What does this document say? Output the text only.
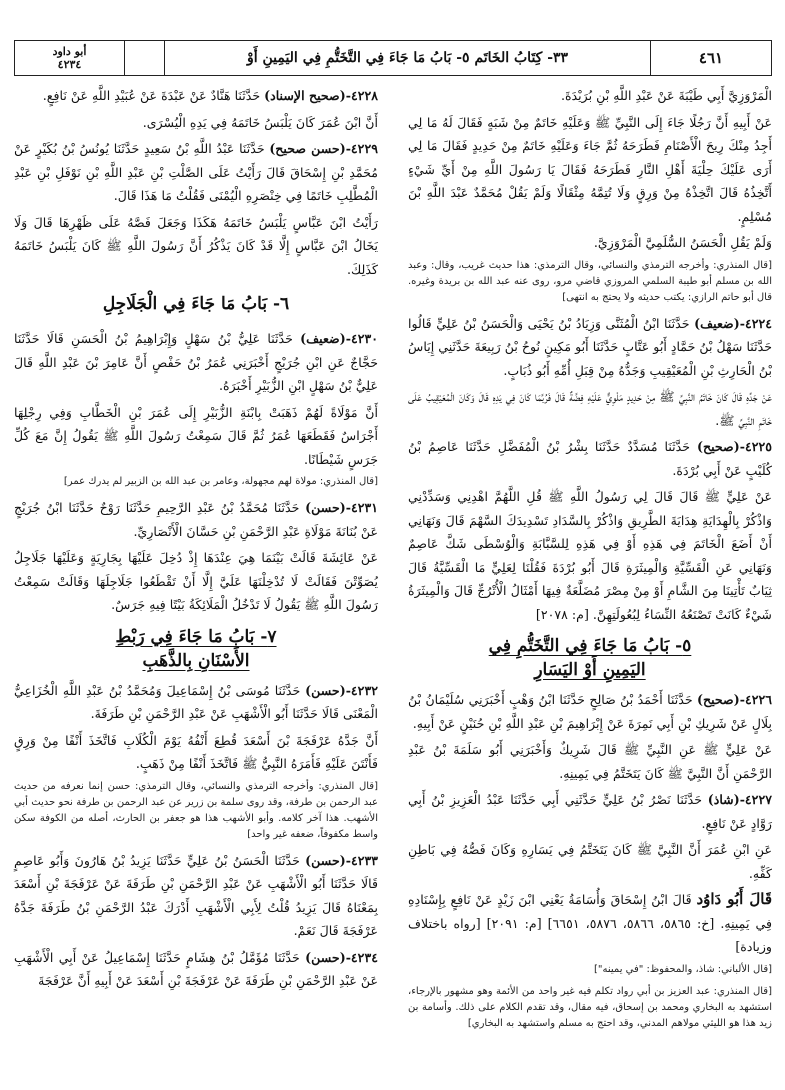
أبو داود
٤٢٣٤	٣٣- كِتَابُ الخَاتَم ٥- بَابُ مَا جَاءَ فِي التَّخَتُّمِ فِي اليَمِينِ أَوْ	٤٦١

الْمَرْوَزِيَّ أَبِي طَيْبَةَ عَنْ عَبْدِ اللَّهِ بْنِ بُرَيْدَةَ.

عَنْ أَبِيهِ أَنَّ رَجُلًا جَاءَ إِلَى النَّبِيِّ ﷺ وَعَلَيْهِ خَاتَمٌ مِنْ شَبَهٍ فَقَالَ لَهُ مَا لِي أَجِدُ مِنْكَ رِيحَ الْأَصْنَامِ فَطَرَحَهُ ثُمَّ جَاءَ وَعَلَيْهِ خَاتَمٌ مِنْ حَدِيدٍ فَقَالَ مَا لِي أَرَى عَلَيْكَ حِلْيَةَ أَهْلِ النَّارِ فَطَرَحَهُ فَقَالَ يَا رَسُولَ اللَّهِ مِنْ أَيِّ شَيْءٍ أَتَّخِذُهُ قَالَ اتَّخِذْهُ مِنْ وَرِقٍ وَلَا تُتِمَّهُ مِثْقَالًا وَلَمْ يَقُلْ مُحَمَّدٌ عَبْدَ اللَّهِ بْنَ مُسْلِمٍ.

وَلَمْ يَقُلِ الْحَسَنُ السُّلَمِيَّ الْمَرْوَزِيَّ.

[قال المنذري: وأخرجه الترمذي والنسائي، وقال الترمذي: هذا حديث غريب، وقال: وعبد الله بن مسلم أبو طيبة السلمي المروزي قاضي مرو، روى عنه عبد الله بن بريدة وغيره. قال أبو حاتم الرازي: يكتب حديثه ولا يحتج به انتهى]

٤٢٢٤-(ضعيف) حَدَّثَنَا ابْنُ الْمُثَنَّى وَزِيَادُ بْنُ يَحْيَى وَالْحَسَنُ بْنُ عَلِيٍّ قَالُوا حَدَّثَنَا سَهْلُ بْنُ حَمَّادٍ أَبُو عَتَّابٍ حَدَّثَنَا أَبُو مَكِينٍ نُوحُ بْنُ رَبِيعَةَ حَدَّثَنِي إِيَاسُ بْنُ الْحَارِثِ بْنِ الْمُعَيْقِيبِ وَجَدُّهُ مِنْ قِبَلِ أُمِّهِ أَبُو ذُبَابٍ.

عَنْ جَدِّهِ قَالَ كَانَ خَاتَمُ النَّبِيِّ ﷺ مِنْ حَدِيدٍ مَلْوِيٌّ عَلَيْهِ فِضَّةٌ قَالَ فَرُبَّمَا كَانَ فِي يَدِهِ قَالَ وَكَانَ الْمُعَيْقِيبُ عَلَى خَاتَمِ النَّبِيِّ ﷺ.

٤٢٢٥-(صحيح) حَدَّثَنَا مُسَدَّدٌ حَدَّثَنَا بِشْرُ بْنُ الْمُفَضَّلِ حَدَّثَنَا عَاصِمُ بْنُ كُلَيْبٍ عَنْ أَبِي بُرْدَةَ.

عَنْ عَلِيٍّ ﷺ قَالَ قَالَ لِي رَسُولُ اللَّهِ ﷺ قُلِ اللَّهُمَّ اهْدِنِي وَسَدِّدْنِي وَاذْكُرْ بِالْهِدَايَةِ هِدَايَةَ الطَّرِيقِ وَاذْكُرْ بِالسَّدَادِ تَسْدِيدَكَ السَّهْمَ قَالَ وَنَهَانِي أَنْ أَضَعَ الْخَاتَمَ فِي هَذِهِ أَوْ فِي هَذِهِ لِلسَّبَّابَةِ وَالْوُسْطَى شَكَّ عَاصِمٌ وَنَهَانِي عَنِ الْقَسِّيَّةِ وَالْمِيثَرَةِ قَالَ أَبُو بُرْدَةَ فَقُلْنَا لِعَلِيٍّ مَا الْقَسِّيَّةُ قَالَ ثِيَابٌ تَأْتِينَا مِنَ الشَّامِ أَوْ مِنْ مِصْرَ مُضَلَّعَةٌ فِيهَا أَمْثَالُ الْأُتْرُجِّ قَالَ وَالْمِيثَرَةُ شَيْءٌ كَانَتْ تَصْنَعُهُ النِّسَاءُ لِبُعُولَتِهِنَّ. [م: ٢٠٧٨]

٥- بَابُ مَا جَاءَ فِي التَّخَتُّمِ فِي
اليَمِينِ أَوْ اليَسَارِ

٤٢٢٦-(صحيح) حَدَّثَنَا أَحْمَدُ بْنُ صَالِحٍ حَدَّثَنَا ابْنُ وَهْبٍ أَخْبَرَنِي سُلَيْمَانُ بْنُ بِلَالٍ عَنْ شَرِيكِ بْنِ أَبِي نَمِرَةَ عَنْ إِبْرَاهِيمَ بْنِ عَبْدِ اللَّهِ بْنِ حُنَيْنٍ عَنْ أَبِيهِ.

عَنْ عَلِيٍّ ﷺ عَنِ النَّبِيِّ ﷺ قَالَ شَرِيكٌ وَأَخْبَرَنِي أَبُو سَلَمَةَ بْنُ عَبْدِ الرَّحْمَنِ أَنَّ النَّبِيَّ ﷺ كَانَ يَتَخَتَّمُ فِي يَمِينِهِ.

٤٢٢٧-(شاذ) حَدَّثَنَا نَصْرُ بْنُ عَلِيٍّ حَدَّثَنِي أَبِي حَدَّثَنَا عَبْدُ الْعَزِيزِ بْنُ أَبِي رَوَّادٍ عَنْ نَافِعٍ.

عَنِ ابْنِ عُمَرَ أَنَّ النَّبِيَّ ﷺ كَانَ يَتَخَتَّمُ فِي يَسَارِهِ وَكَانَ فَصُّهُ فِي بَاطِنِ كَفِّهِ.

قَالَ أَبُو دَاوُد قَالَ ابْنُ إِسْحَاقَ وَأُسَامَةُ يَعْنِي ابْنَ زَيْدٍ عَنْ نَافِعٍ بِإِسْنَادِهِ فِي يَمِينِهِ. [خ: ٥٨٦٥، ٥٨٦٦، ٥٨٧٦، ٦٦٥١] [م: ٢٠٩١] [رواه باختلاف وزيادة]

[قال الألباني: شاذ، والمحفوظ: "في يمينه"]
[قال المنذري: عبد العزيز بن أبي رواد تكلم فيه غير واحد من الأئمة وهو مشهور بالإرجاء، استشهد به البخاري ومحمد بن إسحاق، فيه مقال، وقد تقدم الكلام على ذلك. وأسامة بن زيد هذا هو الليثي مولاهم المدني، وقد احتج به مسلم واستشهد به البخاري]

٤٢٢٨-(صحيح الإسناد) حَدَّثَنَا هَنَّادٌ عَنْ عَبْدَةَ عَنْ عُبَيْدِ اللَّهِ عَنْ نَافِعٍ.

أَنَّ ابْنَ عُمَرَ كَانَ يَلْبَسُ خَاتَمَهُ فِي يَدِهِ الْيُسْرَى.

٤٢٢٩-(حسن صحيح) حَدَّثَنَا عَبْدُ اللَّهِ بْنُ سَعِيدٍ حَدَّثَنَا يُونُسُ بْنُ بُكَيْرٍ عَنْ مُحَمَّدِ بْنِ إِسْحَاقَ قَالَ رَأَيْتُ عَلَى الصَّلْتِ بْنِ عَبْدِ اللَّهِ بْنِ نَوْفَلِ بْنِ عَبْدِ الْمُطَّلِبِ خَاتَمًا فِي خِنْصَرِهِ الْيُمْنَى فَقُلْتُ مَا هَذَا قَالَ.

رَأَيْتُ ابْنَ عَبَّاسٍ يَلْبَسُ خَاتَمَهُ هَكَذَا وَجَعَلَ فَصَّهُ عَلَى ظَهْرِهَا قَالَ وَلَا يَخَالُ ابْنَ عَبَّاسٍ إِلَّا قَدْ كَانَ يَذْكُرُ أَنَّ رَسُولَ اللَّهِ ﷺ كَانَ يَلْبَسُ خَاتَمَهُ كَذَلِكَ.

٦- بَابُ مَا جَاءَ فِي الْجَلَاجِلِ

٤٢٣٠-(ضعيف) حَدَّثَنَا عَلِيُّ بْنُ سَهْلٍ وَإِبْرَاهِيمُ بْنُ الْحَسَنِ قَالَا حَدَّثَنَا حَجَّاجٌ عَنِ ابْنِ جُرَيْجٍ أَخْبَرَنِي عُمَرُ بْنُ حَفْصٍ أَنَّ عَامِرَ بْنَ عَبْدِ اللَّهِ قَالَ عَلِيٌّ بْنُ سَهْلٍ ابْنِ الزُّبَيْرِ أَخْبَرَهُ.

أَنَّ مَوْلَاةً لَهُمْ ذَهَبَتْ بِابْنَةِ الزُّبَيْرِ إِلَى عُمَرَ بْنِ الْخَطَّابِ وَفِي رِجْلِهَا أَجْرَاسٌ فَقَطَعَهَا عُمَرُ ثُمَّ قَالَ سَمِعْتُ رَسُولَ اللَّهِ ﷺ يَقُولُ إِنَّ مَعَ كُلِّ جَرَسٍ شَيْطَانًا.

[قال المنذري: مولاة لهم مجهولة، وعامر بن عبد الله بن الزبير لم يدرك عمر]

٤٢٣١-(حسن) حَدَّثَنَا مُحَمَّدُ بْنُ عَبْدِ الرَّحِيمِ حَدَّثَنَا رَوْحٌ حَدَّثَنَا ابْنُ جُرَيْجٍ عَنْ بُنَانَةَ مَوْلَاةِ عَبْدِ الرَّحْمَنِ بْنِ حَسَّانَ الْأَنْصَارِيِّ.

عَنْ عَائِشَةَ قَالَتْ بَيْنَمَا هِيَ عِنْدَهَا إِذْ دُخِلَ عَلَيْهَا بِجَارِيَةٍ وَعَلَيْهَا جَلَاجِلُ يُصَوِّتْنَ فَقَالَتْ لَا تُدْخِلْنَهَا عَلَيَّ إِلَّا أَنْ تَقْطَعُوا جَلَاجِلَهَا وَقَالَتْ سَمِعْتُ رَسُولَ اللَّهِ ﷺ يَقُولُ لَا تَدْخُلُ الْمَلَائِكَةُ بَيْتًا فِيهِ جَرَسٌ.

٧- بَابُ مَا جَاءَ فِي رَبْطِ
الأَسْنَانِ بِالذَّهَبِ

٤٢٣٢-(حسن) حَدَّثَنَا مُوسَى بْنُ إِسْمَاعِيلَ وَمُحَمَّدُ بْنُ عَبْدِ اللَّهِ الْخُزَاعِيُّ الْمَعْنَى قَالَا حَدَّثَنَا أَبُو الْأَشْهَبِ عَنْ عَبْدِ الرَّحْمَنِ بْنِ طَرَفَةَ.

أَنَّ جَدَّهُ عَرْفَجَةَ بْنَ أَسْعَدَ قُطِعَ أَنْفُهُ يَوْمَ الْكُلَابِ فَاتَّخَذَ أَنْفًا مِنْ وَرِقٍ فَأَنْتَنَ عَلَيْهِ فَأَمَرَهُ النَّبِيُّ ﷺ فَاتَّخَذَ أَنْفًا مِنْ ذَهَبٍ.

[قال المنذري: وأخرجه الترمذي والنسائي، وقال الترمذي: حسن إنما نعرفه من حديث عبد الرحمن بن طرفة، وقد روى سلمة بن زرير عن عبد الرحمن بن طرفة نحو حديث أبي الأشهب. هذا آخر كلامه. وأبو الأشهب هذا هو جعفر بن الحارث، أصله من الكوفة سكن واسط مكفوفاً، ضعفه غير واحد]

٤٢٣٣-(حسن) حَدَّثَنَا الْحَسَنُ بْنُ عَلِيٍّ حَدَّثَنَا يَزِيدُ بْنُ هَارُونَ وَأَبُو عَاصِمٍ قَالَا حَدَّثَنَا أَبُو الْأَشْهَبِ عَنْ عَبْدِ الرَّحْمَنِ بْنِ طَرَفَةَ عَنْ عَرْفَجَةَ بْنِ أَسْعَدَ بِمَعْنَاهُ قَالَ يَزِيدُ قُلْتُ لِأَبِي الْأَشْهَبِ أَدْرَكَ عَبْدُ الرَّحْمَنِ بْنُ طَرَفَةَ جَدَّهُ عَرْفَجَةَ قَالَ نَعَمْ.

٤٢٣٤-(حسن) حَدَّثَنَا مُؤَمَّلُ بْنُ هِشَامٍ حَدَّثَنَا إِسْمَاعِيلُ عَنْ أَبِي الْأَشْهَبِ عَنْ عَبْدِ الرَّحْمَنِ بْنِ طَرَفَةَ عَنْ عَرْفَجَةَ بْنِ أَسْعَدَ عَنْ أَبِيهِ أَنَّ عَرْفَجَةَ
